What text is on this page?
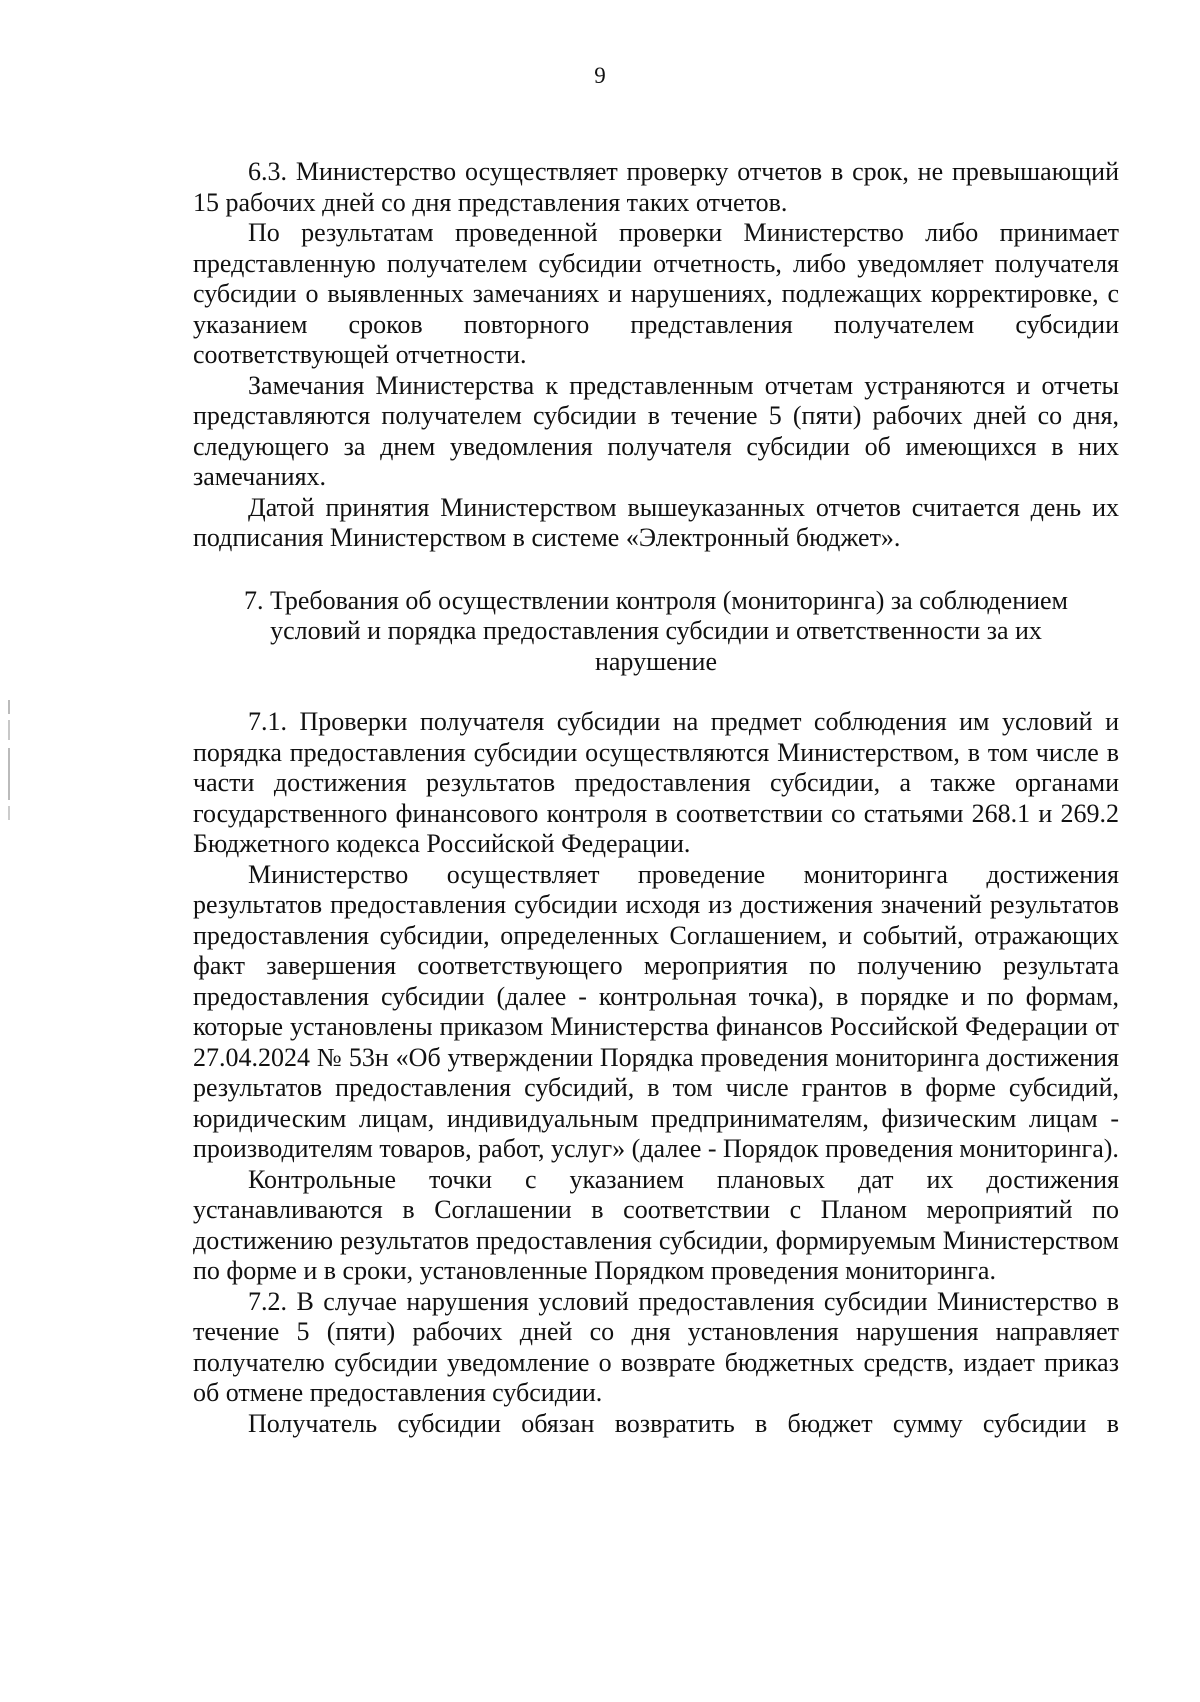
9

6.3. Министерство осуществляет проверку отчетов в срок, не превышающий 15 рабочих дней со дня представления таких отчетов.

По результатам проведенной проверки Министерство либо принимает представленную получателем субсидии отчетность, либо уведомляет получателя субсидии о выявленных замечаниях и нарушениях, подлежащих корректировке, с указанием сроков повторного представления получателем субсидии соответствующей отчетности.

Замечания Министерства к представленным отчетам устраняются и отчеты представляются получателем субсидии в течение 5 (пяти) рабочих дней со дня, следующего за днем уведомления получателя субсидии об имеющихся в них замечаниях.

Датой принятия Министерством вышеуказанных отчетов считается день их подписания Министерством в системе «Электронный бюджет».

7. Требования об осуществлении контроля (мониторинга) за соблюдением условий и порядка предоставления субсидии и ответственности за их нарушение

7.1. Проверки получателя субсидии на предмет соблюдения им условий и порядка предоставления субсидии осуществляются Министерством, в том числе в части достижения результатов предоставления субсидии, а также органами государственного финансового контроля в соответствии со статьями 268.1 и 269.2 Бюджетного кодекса Российской Федерации.

Министерство осуществляет проведение мониторинга достижения результатов предоставления субсидии исходя из достижения значений результатов предоставления субсидии, определенных Соглашением, и событий, отражающих факт завершения соответствующего мероприятия по получению результата предоставления субсидии (далее - контрольная точка), в порядке и по формам, которые установлены приказом Министерства финансов Российской Федерации от 27.04.2024 № 53н «Об утверждении Порядка проведения мониторинга достижения результатов предоставления субсидий, в том числе грантов в форме субсидий, юридическим лицам, индивидуальным предпринимателям, физическим лицам - производителям товаров, работ, услуг» (далее - Порядок проведения мониторинга).

Контрольные точки с указанием плановых дат их достижения устанавливаются в Соглашении в соответствии с Планом мероприятий по достижению результатов предоставления субсидии, формируемым Министерством по форме и в сроки, установленные Порядком проведения мониторинга.

7.2. В случае нарушения условий предоставления субсидии Министерство в течение 5 (пяти) рабочих дней со дня установления нарушения направляет получателю субсидии уведомление о возврате бюджетных средств, издает приказ об отмене предоставления субсидии.

Получатель субсидии обязан возвратить в бюджет сумму субсидии в
